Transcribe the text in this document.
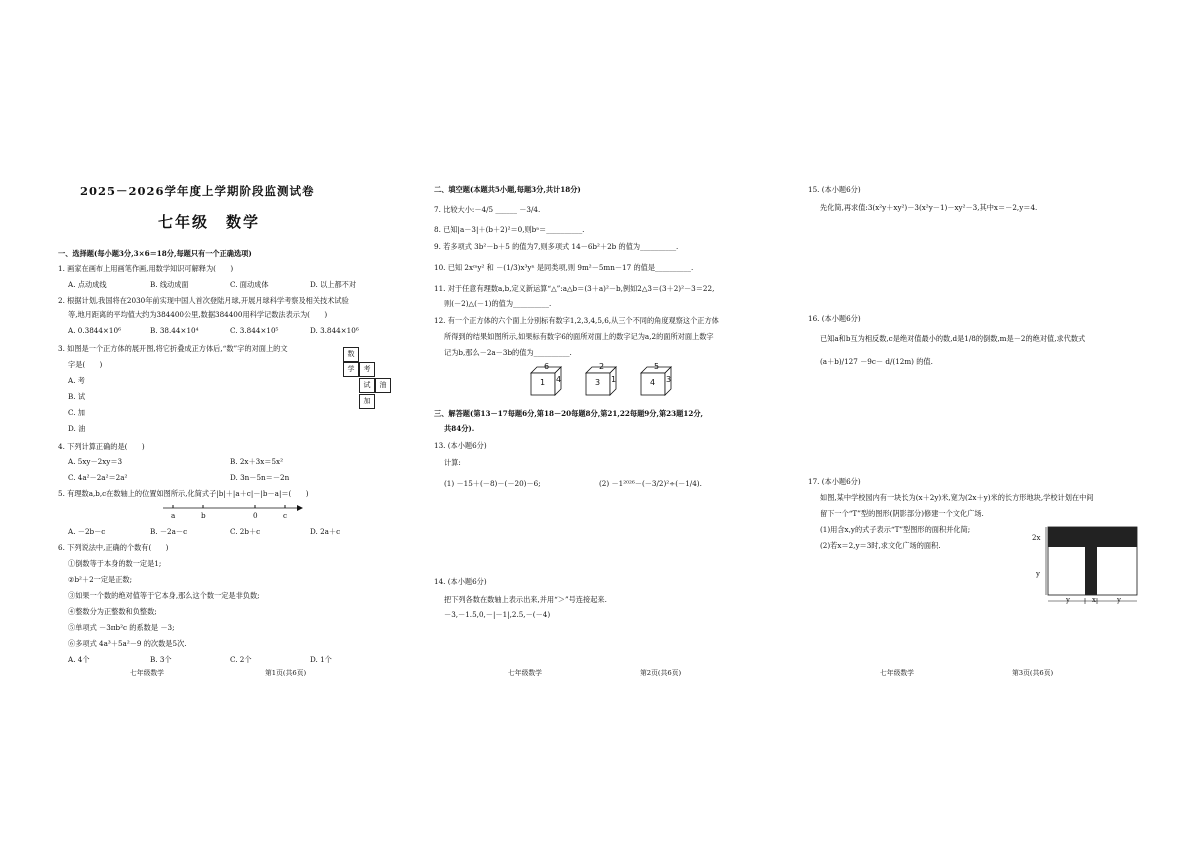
2025－2026学年度上学期阶段监测试卷
七年级　数学
一、选择题(每小题3分,3×6＝18分,每题只有一个正确选项)
1. 画家在画布上用画笔作画,用数学知识可解释为(　　)
A. 点动成线	B. 线动成面	C. 面动成体	D. 以上都不对
2. 根据计划,我国将在2030年前实现中国人首次登陆月球,开展月球科学考察及相关技术试验
等,地月距离的平均值大约为384400公里,数据384400用科学记数法表示为(　　)
A. 0.3844×10⁶	B. 38.44×10⁴	C. 3.844×10⁵	D. 3.844×10⁶
3. 如图是一个正方体的展开图,将它折叠成正方体后,“数”字的对面上的文
字是(　　)
A. 考
B. 试
C. 加
D. 油
数
学	考
试	油
加
4. 下列计算正确的是(　　)
A. 5xy－2xy＝3	B. 2x＋3x＝5x²
C. 4a²－2a²＝2a²	D. 3n－5n＝－2n
5. 有理数a,b,c在数轴上的位置如图所示,化简式子|b|＋|a＋c|－|b－a|＝(　　)
a	b	0	c
A. －2b－c	B. －2a－c	C. 2b＋c	D. 2a＋c
6. 下列说法中,正确的个数有(　　)
①倒数等于本身的数一定是1;
②b²＋2一定是正数;
③如果一个数的绝对值等于它本身,那么这个数一定是非负数;
④整数分为正整数和负整数;
⑤单项式 －3πb²c 的系数是 －3;
⑥多项式 4a³＋5a²－9 的次数是5次.
A. 4个	B. 3个	C. 2个	D. 1个
七年级数学	第1页(共6页)
二、填空题(本题共5小题,每题3分,共计18分)
7. 比较大小:－4/5 ______ －3/4.
8. 已知|a－3|＋(b＋2)²＝0,则bᵃ＝__________.
9. 若多项式 3b²－b＋5 的值为7,则多项式 14－6b²＋2b 的值为__________.
10. 已知 2xᵐy² 和 －(1/3)x³yⁿ 是同类项,则 9m²－5mn－17 的值是__________.
11. 对于任意有理数a,b,定义新运算“△”:a△b＝(3＋a)²－b,例如2△3＝(3＋2)²－3＝22,
则(－2)△(－1)的值为__________.
12. 有一个正方体的六个面上分别标有数字1,2,3,4,5,6,从三个不同的角度观察这个正方体
所得到的结果如图所示,如果标有数字6的面所对面上的数字记为a,2的面所对面上数字
记为b,那么－2a－3b的值为__________.
6
1 4
2
3 1
5
4 3
三、解答题(第13－17每题6分,第18－20每题8分,第21,22每题9分,第23题12分,
共84分).
13. (本小题6分)
计算:
(1) －15＋(－8)－(－20)－6;	(2) －1²⁰²⁶－(－3/2)²÷(－1/4).
14. (本小题6分)
把下列各数在数轴上表示出来,并用“＞”号连接起来.
－3,－1.5,0,－|－1|,2.5,－(－4)
七年级数学	第2页(共6页)
15. (本小题6分)
先化简,再求值:3(x²y＋xy²)－3(x²y－1)－xy²－3,其中x＝－2,y＝4.
16. (本小题6分)
已知a和b互为相反数,c是绝对值最小的数,d是1/8的倒数,m是－2的绝对值,求代数式
(a＋b)/127 －9c－ d/(12m) 的值.
17. (本小题6分)
如图,某中学校园内有一块长为(x＋2y)米,宽为(2x＋y)米的长方形地块,学校计划在中间
留下一个“T”型的图形(阴影部分)修建一个文化广场.
(1)用含x,y的式子表示“T”型图形的面积并化简;
(2)若x＝2,y＝3时,求文化广场的面积.
2x
y
y	x	y
七年级数学	第3页(共6页)
